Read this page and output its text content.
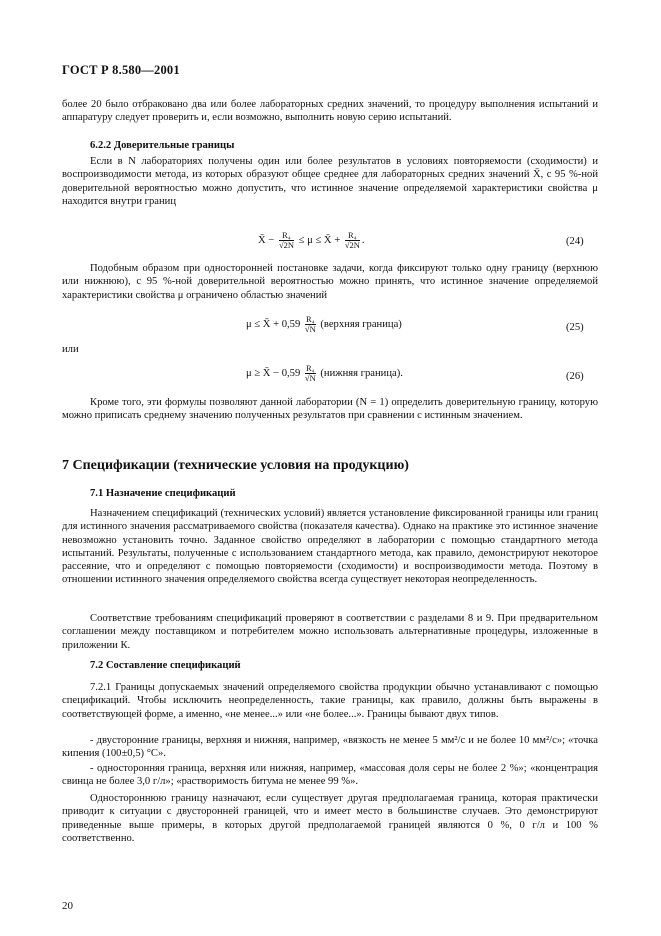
ГОСТ Р 8.580—2001

более 20 было отбраковано два или более лабораторных средних значений, то процедуру выполнения испытаний и аппаратуру следует проверить и, если возможно, выполнить новую серию испытаний.

6.2.2 Доверительные границы

Если в N лабораториях получены один или более результатов в условиях повторяемости (сходимости) и воспроизводимости метода, из которых образуют общее среднее для лабораторных средних значений X̄, с 95 %-ной доверительной вероятностью можно допустить, что истинное значение определяемой характеристики свойства μ находится внутри границ

X̄ − $\frac{\text{R₄}}{√2N} \le \mu$ ≤ X̄ + $\frac{\text{R₄}}{√2N}$ .	(24)

Подобным образом при односторонней постановке задачи, когда фиксируют только одну границу (верхнюю или нижнюю), с 95 %-ной доверительной вероятностью можно принять, что истинное значение определяемой характеристики свойства μ ограничено областью значений

μ ≤ X̄ + $0,59 \frac{\text{R₄}}{√N}$ (верхняя граница)	(25)
или
μ ≥ X̄ − $0,59 \frac{\text{R₄}}{√N}$ (нижняя граница).	(26)

Кроме того, эти формулы позволяют данной лаборатории (N = 1) определить доверительную границу, которую можно приписать среднему значению полученных результатов при сравнении с истинным значением.

7 Спецификации (технические условия на продукцию)

7.1 Назначение спецификаций

Назначением спецификаций (технических условий) является установление фиксированной границы или границ для истинного значения рассматриваемого свойства (показателя качества). Однако на практике это истинное значение невозможно установить точно. Заданное свойство определяют в лаборатории с помощью стандартного метода испытаний. Результаты, полученные с использованием стандартного метода, как правило, демонстрируют некоторое рассеяние, что и определяют с помощью повторяемости (сходимости) и воспроизводимости метода. Поэтому в отношении истинного значения определяемого свойства всегда существует некоторая неопределенность.

Соответствие требованиям спецификаций проверяют в соответствии с разделами 8 и 9. При предварительном соглашении между поставщиком и потребителем можно использовать альтернативные процедуры, изложенные в приложении К.

7.2 Составление спецификаций

7.2.1 Границы допускаемых значений определяемого свойства продукции обычно устанавливают с помощью спецификаций. Чтобы исключить неопределенность, такие границы, как правило, должны быть выражены в соответствующей форме, а именно, «не менее...» или «не более...». Границы бывают двух типов.

- двусторонние границы, верхняя и нижняя, например, «вязкость не менее 5 мм²/с и не более 10 мм²/с»; «точка кипения (100±0,5) °С».

- односторонняя граница, верхняя или нижняя, например, «массовая доля серы не более 2 %»; «концентрация свинца не более 3,0 г/л»; «растворимость битума не менее 99 %».

Одностороннюю границу назначают, если существует другая предполагаемая граница, которая практически приводит к ситуации с двусторонней границей, что и имеет место в большинстве случаев. Это демонстрируют приведенные выше примеры, в которых другой предполагаемой границей являются 0 %, 0 г/л и 100 % соответственно.

20
